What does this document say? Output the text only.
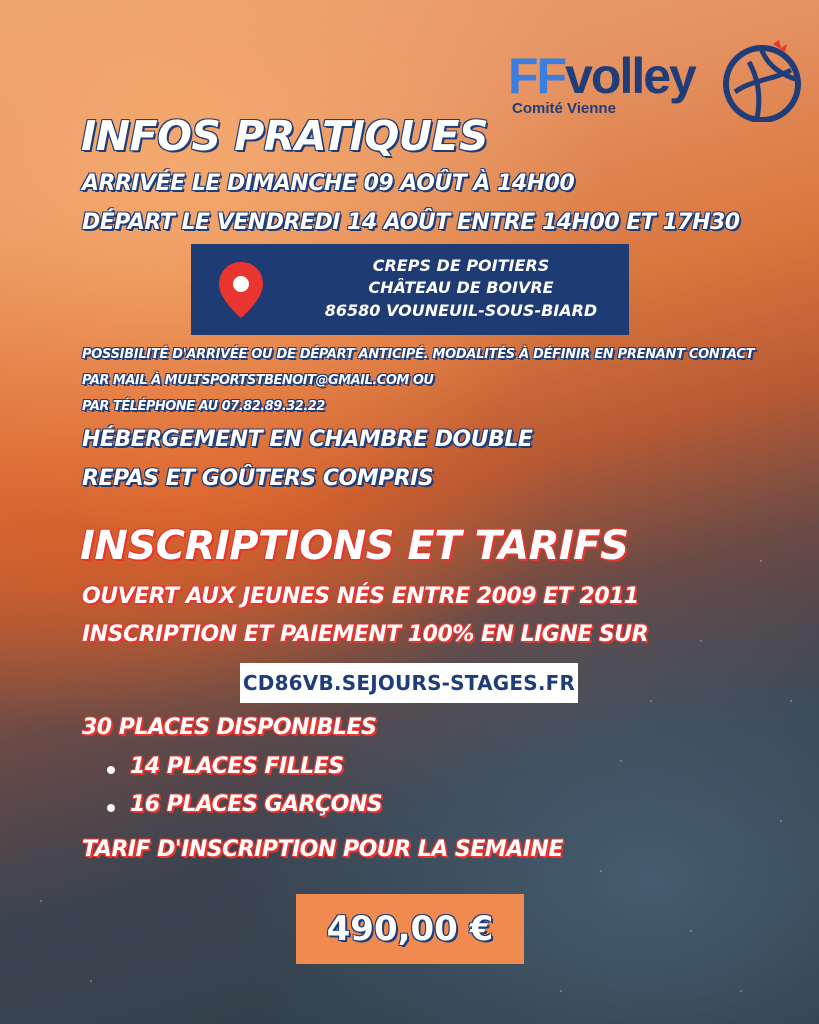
FFvolley
Comité Vienne
INFOS PRATIQUES
ARRIVÉE LE DIMANCHE 09 AOÛT À 14H00
DÉPART LE VENDREDI 14 AOÛT ENTRE 14H00 ET 17H30
CREPS DE POITIERS
CHÂTEAU DE BOIVRE
86580 VOUNEUIL-SOUS-BIARD
POSSIBILITÉ D'ARRIVÉE OU DE DÉPART ANTICIPÉ. MODALITÉS À DÉFINIR EN PRENANT CONTACT
PAR MAIL À MULTSPORTSTBENOIT@GMAIL.COM OU
PAR TÉLÉPHONE AU 07.82.89.32.22
HÉBERGEMENT EN CHAMBRE DOUBLE
REPAS ET GOÛTERS COMPRIS
INSCRIPTIONS ET TARIFS
OUVERT AUX JEUNES NÉS ENTRE 2009 ET 2011
INSCRIPTION ET PAIEMENT 100% EN LIGNE SUR
CD86VB.SEJOURS-STAGES.FR
30 PLACES DISPONIBLES
14 PLACES FILLES
16 PLACES GARÇONS
TARIF D'INSCRIPTION POUR LA SEMAINE
490,00 €
